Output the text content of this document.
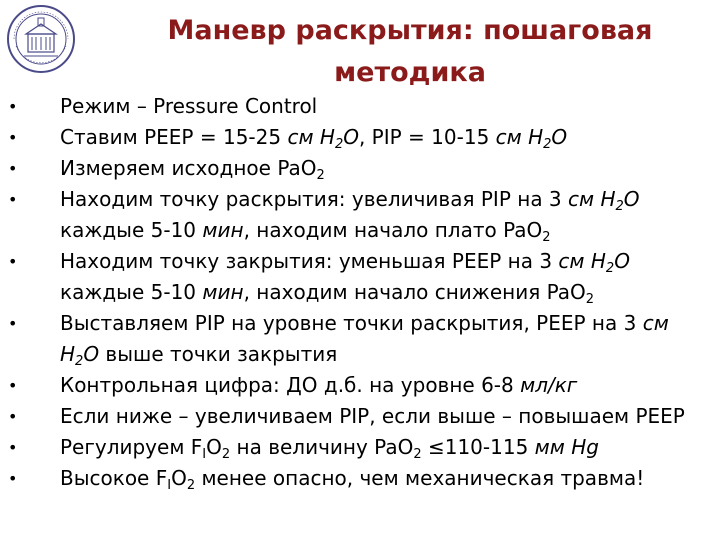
Маневр раскрытия: пошаговая
методика
• Режим – Pressure Control
• Ставим PEEP = 15-25 см $H_2O$, PIP = 10-15 см $H_2O$
• Измеряем исходное PaO$_2$
• Находим точку раскрытия: увеличивая PIP на 3 см $H_2O$
каждые 5-10 мин, находим начало плато PaO$_2$
• Находим точку закрытия: уменьшая PEEP на 3 см $H_2O$
каждые 5-10 мин, находим начало снижения PaO$_2$
• Выставляем PIP на уровне точки раскрытия, PEEP на 3 см
$H_2O$ выше точки закрытия
• Контрольная цифра: ДО д.б. на уровне 6-8 мл/кг
• Если ниже – увеличиваем PIP, если выше – повышаем PEEP
• Регулируем $F_IO_2$ на величину PaO$_2$ ≤110-115 мм Hg
• Высокое $F_IO_2$ менее опасно, чем механическая травма!
